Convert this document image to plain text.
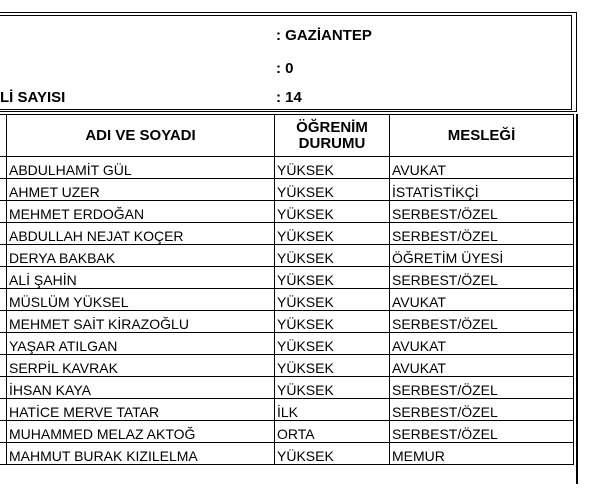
: GAZİANTEP
: 0
Lİ SAYISI	: 14
	ADI VE SOYADI	ÖĞRENİM
DURUMU	MESLEĞİ
	ABDULHAMİT GÜL	YÜKSEK	AVUKAT
	AHMET UZER	YÜKSEK	İSTATİSTİKÇİ
	MEHMET ERDOĞAN	YÜKSEK	SERBEST/ÖZEL
	ABDULLAH NEJAT KOÇER	YÜKSEK	SERBEST/ÖZEL
	DERYA BAKBAK	YÜKSEK	ÖĞRETİM ÜYESİ
	ALİ ŞAHİN	YÜKSEK	SERBEST/ÖZEL
	MÜSLÜM YÜKSEL	YÜKSEK	AVUKAT
	MEHMET SAİT KİRAZOĞLU	YÜKSEK	SERBEST/ÖZEL
	YAŞAR ATILGAN	YÜKSEK	AVUKAT
	SERPİL KAVRAK	YÜKSEK	AVUKAT
	İHSAN KAYA	YÜKSEK	SERBEST/ÖZEL
	HATİCE MERVE TATAR	İLK	SERBEST/ÖZEL
	MUHAMMED MELAZ AKTOĞ	ORTA	SERBEST/ÖZEL
	MAHMUT BURAK KIZILELMA	YÜKSEK	MEMUR
